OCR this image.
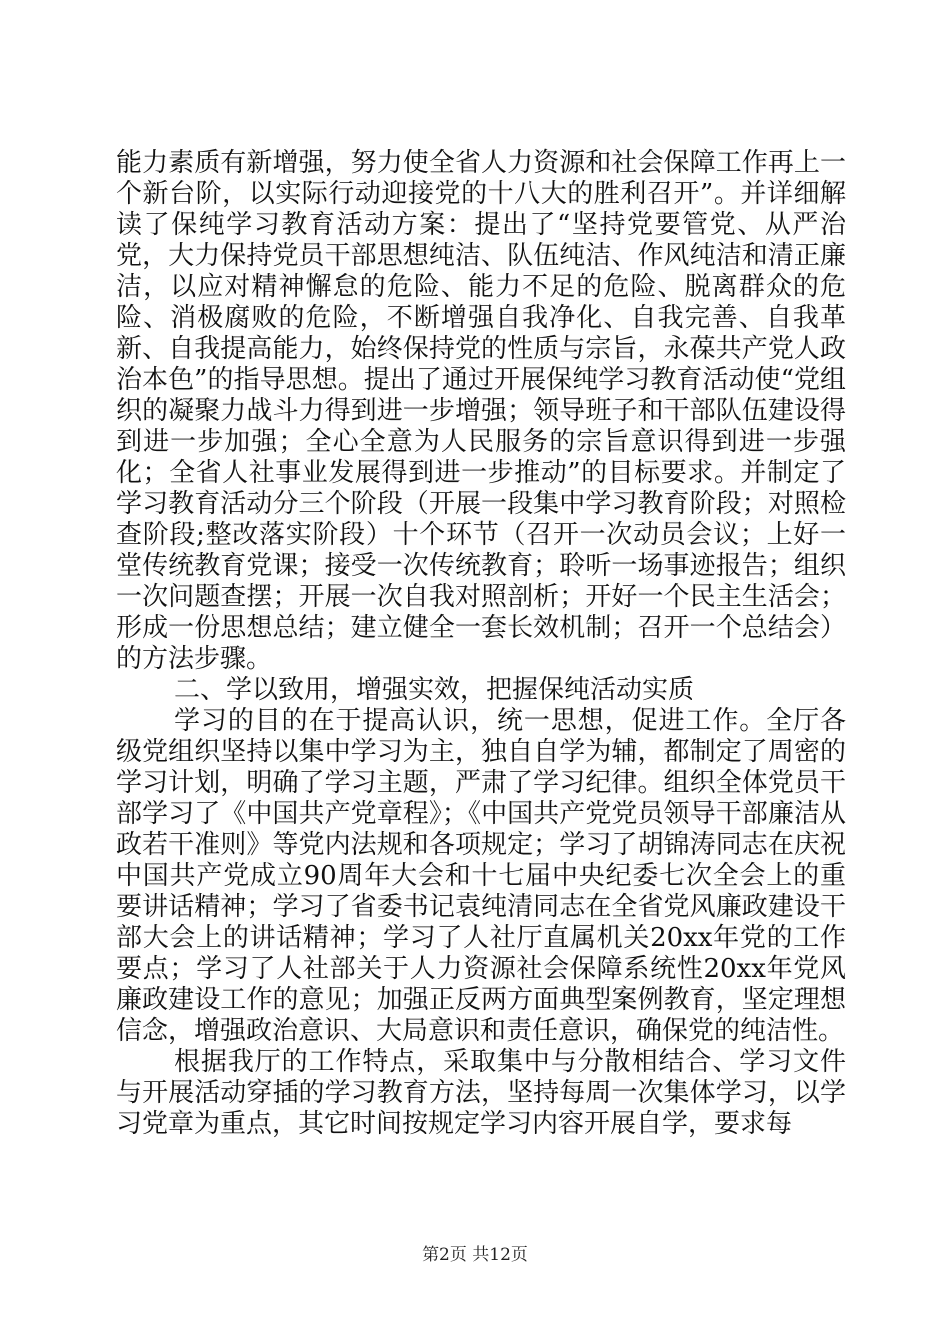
能力素质有新增强，努力使全省人力资源和社会保障工作再上一个新台阶，以实际行动迎接党的十八大的胜利召开”。并详细解读了保纯学习教育活动方案：提出了“坚持党要管党、从严治党，大力保持党员干部思想纯洁、队伍纯洁、作风纯洁和清正廉洁，以应对精神懈怠的危险、能力不足的危险、脱离群众的危险、消极腐败的危险，不断增强自我净化、自我完善、自我革新、自我提高能力，始终保持党的性质与宗旨，永葆共产党人政治本色”的指导思想。提出了通过开展保纯学习教育活动使“党组织的凝聚力战斗力得到进一步增强；领导班子和干部队伍建设得到进一步加强；全心全意为人民服务的宗旨意识得到进一步强化；全省人社事业发展得到进一步推动”的目标要求。并制定了学习教育活动分三个阶段（开展一段集中学习教育阶段；对照检查阶段;整改落实阶段）十个环节（召开一次动员会议；上好一堂传统教育党课；接受一次传统教育；聆听一场事迹报告；组织一次问题查摆；开展一次自我对照剖析；开好一个民主生活会；形成一份思想总结；建立健全一套长效机制；召开一个总结会）的方法步骤。

二、学以致用，增强实效，把握保纯活动实质

学习的目的在于提高认识，统一思想，促进工作。全厅各级党组织坚持以集中学习为主，独自自学为辅，都制定了周密的学习计划，明确了学习主题，严肃了学习纪律。组织全体党员干部学习了《中国共产党章程》；《中国共产党党员领导干部廉洁从政若干准则》等党内法规和各项规定；学习了胡锦涛同志在庆祝中国共产党成立90周年大会和十七届中央纪委七次全会上的重要讲话精神；学习了省委书记袁纯清同志在全省党风廉政建设干部大会上的讲话精神；学习了人社厅直属机关20xx年党的工作要点；学习了人社部关于人力资源社会保障系统性20xx年党风廉政建设工作的意见；加强正反两方面典型案例教育，坚定理想信念，增强政治意识、大局意识和责任意识，确保党的纯洁性。

根据我厅的工作特点，采取集中与分散相结合、学习文件与开展活动穿插的学习教育方法，坚持每周一次集体学习，以学习党章为重点，其它时间按规定学习内容开展自学，要求每

第2页 共12页
